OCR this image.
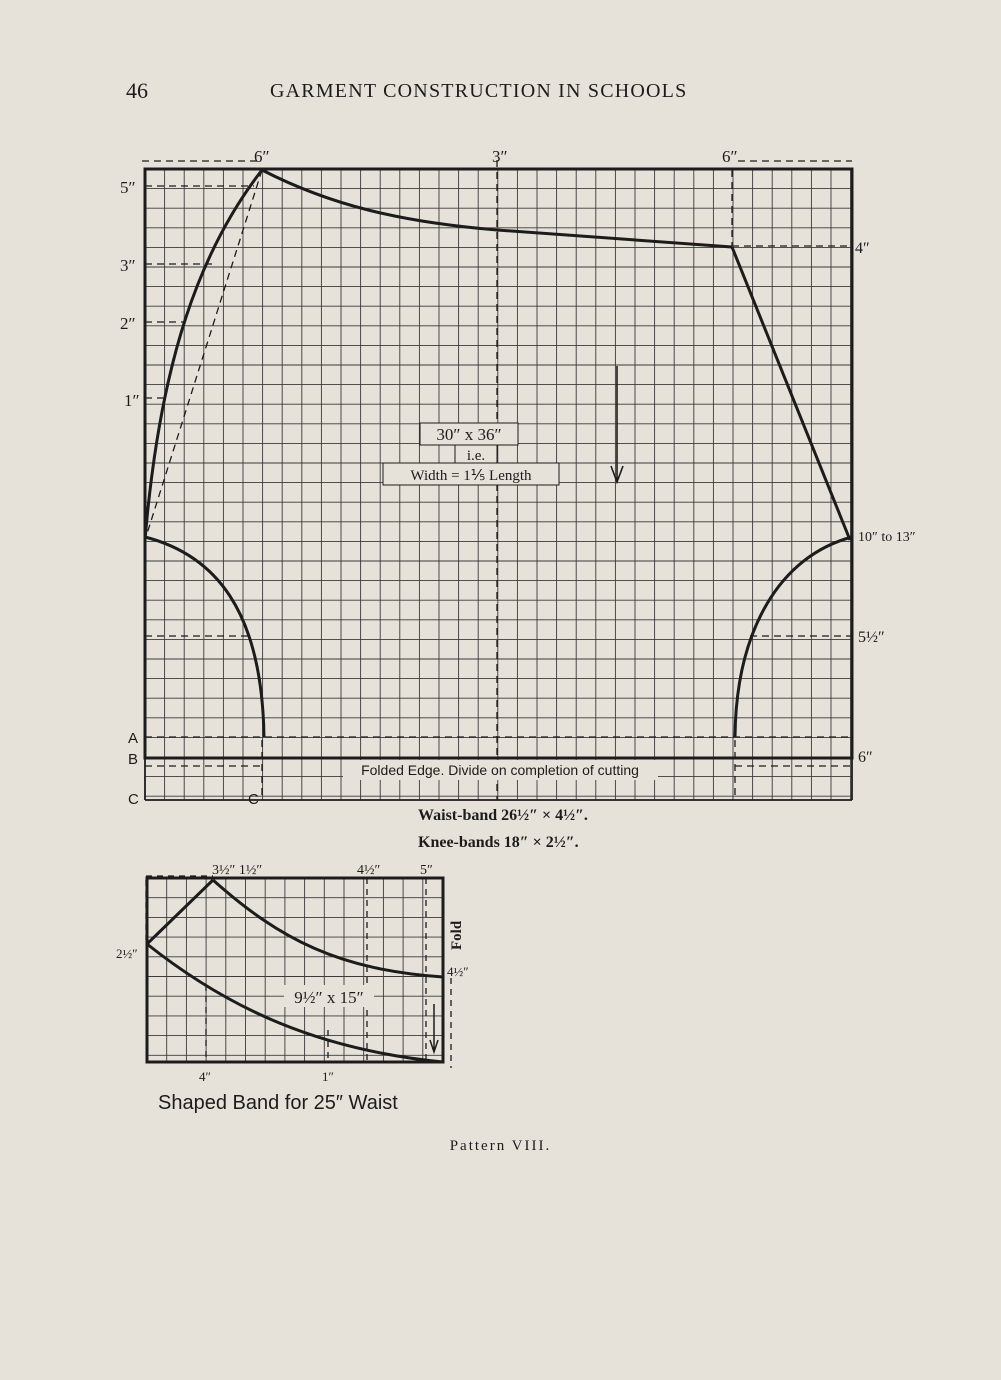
46	GARMENT CONSTRUCTION IN SCHOOLS
6″	3″	6″
5″
3″
2″
1″
4″
10″ to 13″
5½″
6″
A
B
C	C
30″ x 36″
i.e.
Width = 1⅕ Length
Folded Edge. Divide on completion of cutting
Waist-band 26½″ × 4½″.
Knee-bands 18″ × 2½″.
3½″ 1½″	4½″	5″
2½″
4½″
Fold
9½″ x 15″
4″	1″
Shaped Band for 25″ Waist
Pattern VIII.
